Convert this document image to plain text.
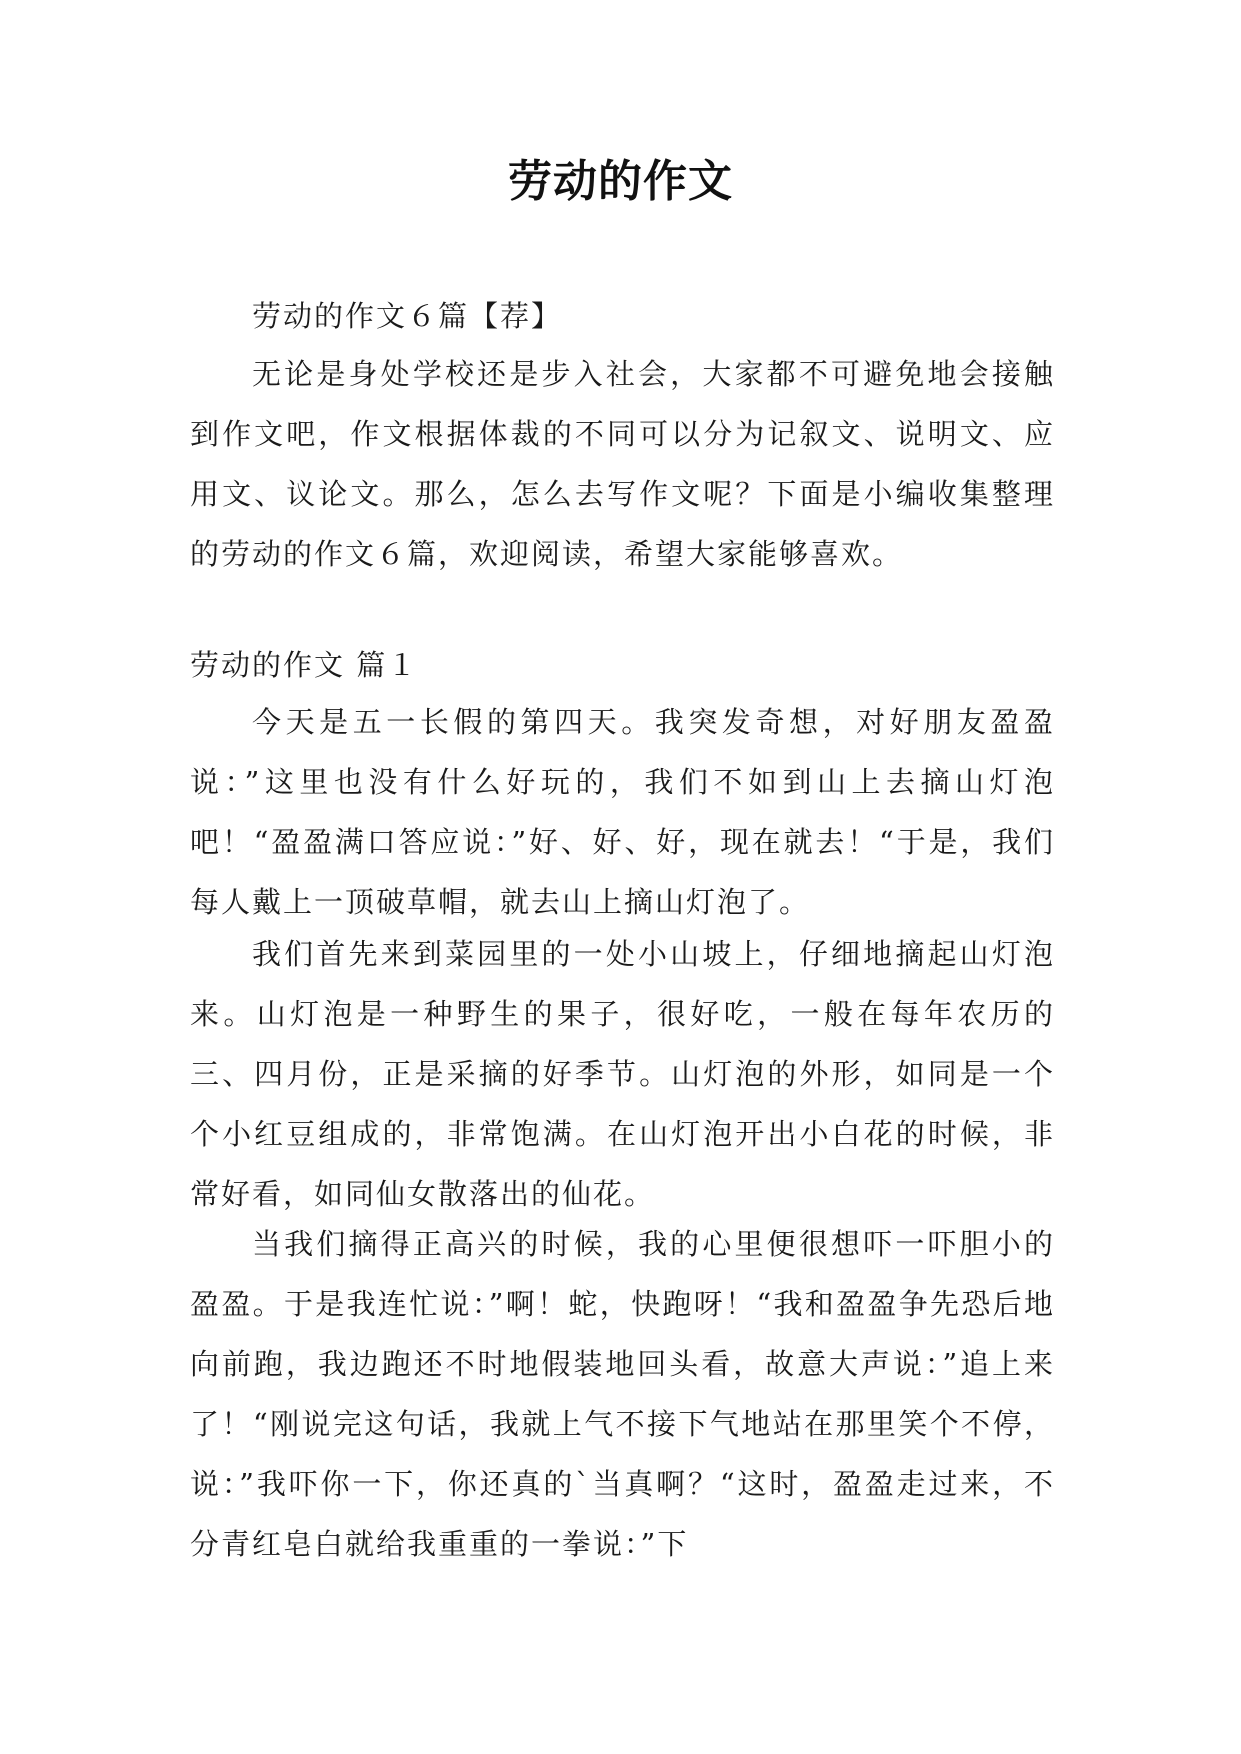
劳动的作文

劳动的作文６篇【荐】

无论是身处学校还是步入社会，大家都不可避免地会接触到作文吧，作文根据体裁的不同可以分为记叙文、说明文、应用文、议论文。那么，怎么去写作文呢？下面是小编收集整理的劳动的作文６篇，欢迎阅读，希望大家能够喜欢。

劳动的作文 篇１

今天是五一长假的第四天。我突发奇想，对好朋友盈盈说：”这里也没有什么好玩的，我们不如到山上去摘山灯泡吧！“盈盈满口答应说：”好、好、好，现在就去！“于是，我们每人戴上一顶破草帽，就去山上摘山灯泡了。

我们首先来到菜园里的一处小山坡上，仔细地摘起山灯泡来。山灯泡是一种野生的果子，很好吃，一般在每年农历的三、四月份，正是采摘的好季节。山灯泡的外形，如同是一个个小红豆组成的，非常饱满。在山灯泡开出小白花的时候，非常好看，如同仙女散落出的仙花。

当我们摘得正高兴的时候，我的心里便很想吓一吓胆小的盈盈。于是我连忙说：”啊！蛇，快跑呀！“我和盈盈争先恐后地向前跑，我边跑还不时地假装地回头看，故意大声说：”追上来了！“刚说完这句话，我就上气不接下气地站在那里笑个不停，说：”我吓你一下，你还真的`当真啊？“这时，盈盈走过来，不分青红皂白就给我重重的一拳说：”下
